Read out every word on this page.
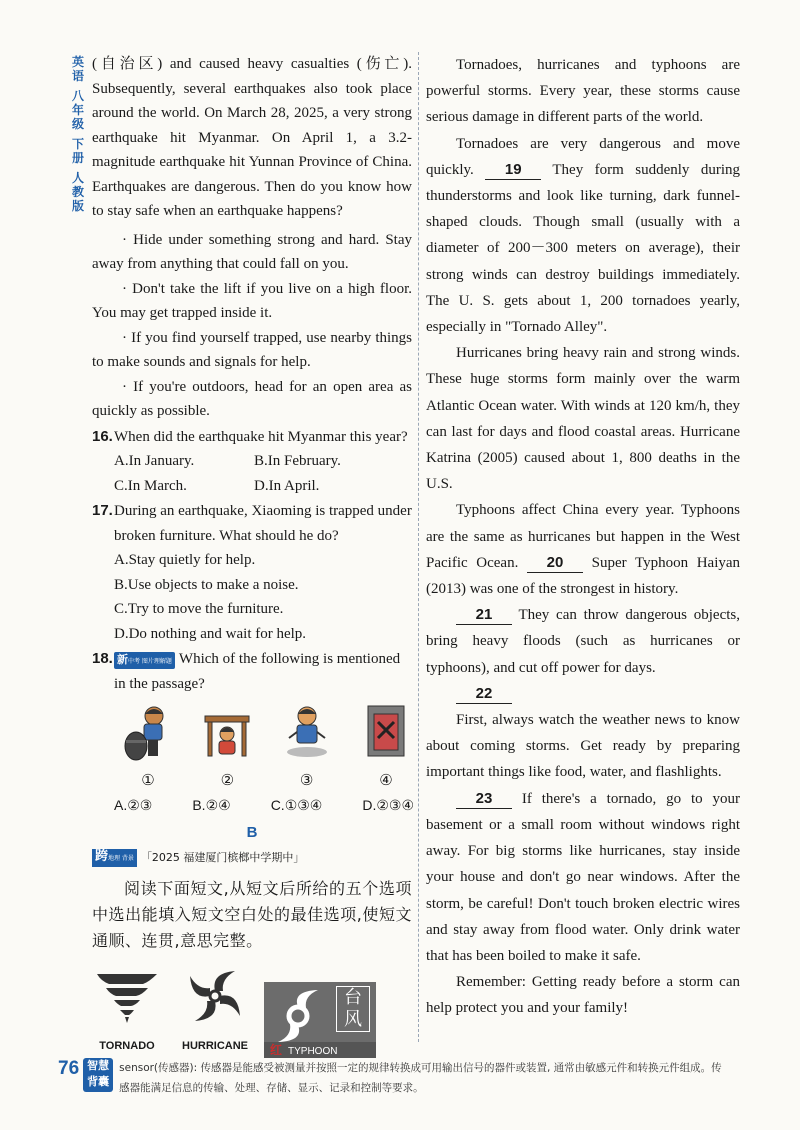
英语
八年级
下册
人教版

(自治区) and caused heavy casualties (伤亡). Subsequently, several earthquakes also took place around the world. On March 28, 2025, a very strong earthquake hit Myanmar. On April 1, a 3.2-magnitude earthquake hit Yunnan Province of China. Earthquakes are dangerous. Then do you know how to stay safe when an earthquake happens?

· Hide under something strong and hard. Stay away from anything that could fall on you.

· Don't take the lift if you live on a high floor. You may get trapped inside it.

· If you find yourself trapped, use nearby things to make sounds and signals for help.

· If you're outdoors, head for an open area as quickly as possible.

16. When did the earthquake hit Myanmar this year?
A.In January.	B.In February.
C.In March.	D.In April.
17. During an earthquake, Xiaoming is trapped under broken furniture. What should he do?
A.Stay quietly for help.
B.Use objects to make a noise.
C.Try to move the furniture.
D.Do nothing and wait for help.
18. 新中考 图片理解题 Which of the following is mentioned in the passage?
①	②	③	④
A.②③	B.②④	C.①③④	D.②③④
B
跨地理 背景 「2025 福建厦门槟榔中学期中」

阅读下面短文,从短文后所给的五个选项中选出能填入短文空白处的最佳选项,使短文通顺、连贯,意思完整。

TORNADO	HURRICANE
台风
红 TYPHOON

Tornadoes, hurricanes and typhoons are powerful storms. Every year, these storms cause serious damage in different parts of the world.

Tornadoes are very dangerous and move quickly. 19 They form suddenly during thunderstorms and look like turning, dark funnel-shaped clouds. Though small (usually with a diameter of 200－300 meters on average), their strong winds can destroy buildings immediately. The U. S. gets about 1, 200 tornadoes yearly, especially in "Tornado Alley".

Hurricanes bring heavy rain and strong winds. These huge storms form mainly over the warm Atlantic Ocean water. With winds at 120 km/h, they can last for days and flood coastal areas. Hurricane Katrina (2005) caused about 1, 800 deaths in the U.S.

Typhoons affect China every year. Typhoons are the same as hurricanes but happen in the West Pacific Ocean. 20 Super Typhoon Haiyan (2013) was one of the strongest in history.

21 They can throw dangerous objects, bring heavy floods (such as hurricanes or typhoons), and cut off power for days.

22

First, always watch the weather news to know about coming storms. Get ready by preparing important things like food, water, and flashlights.

23 If there's a tornado, go to your basement or a small room without windows right away. For big storms like hurricanes, stay inside your house and don't go near windows. After the storm, be careful! Don't touch broken electric wires and stay away from flood water. Only drink water that has been boiled to make it safe.

Remember: Getting ready before a storm can help protect you and your family!

76 智慧背囊
sensor(传感器): 传感器是能感受被测量并按照一定的规律转换成可用输出信号的器件或装置, 通常由敏感元件和转换元件组成。传感器能满足信息的传输、处理、存储、显示、记录和控制等要求。
